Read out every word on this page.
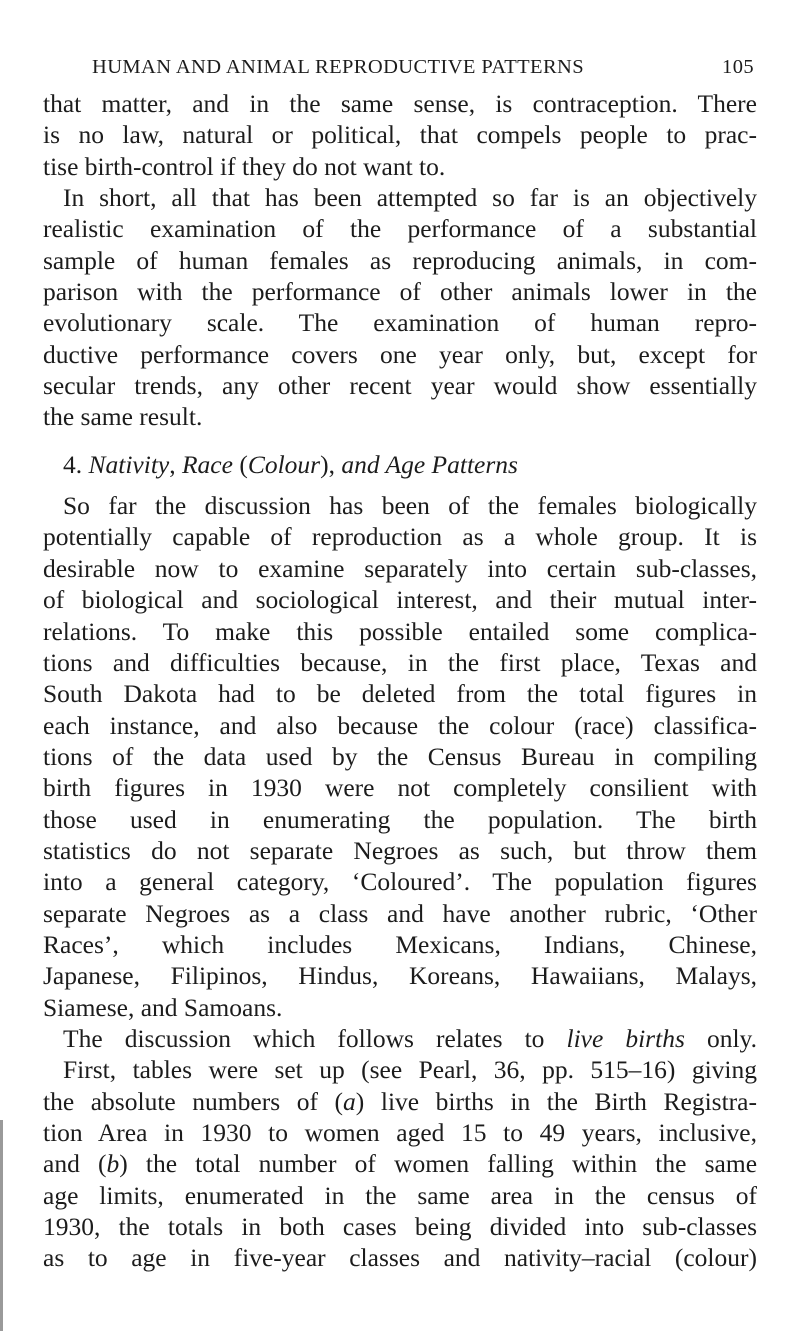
HUMAN AND ANIMAL REPRODUCTIVE PATTERNS	105
that matter, and in the same sense, is contraception. There
is no law, natural or political, that compels people to prac-
tise birth-control if they do not want to.
In short, all that has been attempted so far is an objectively
realistic examination of the performance of a substantial
sample of human females as reproducing animals, in com-
parison with the performance of other animals lower in the
evolutionary scale. The examination of human repro-
ductive performance covers one year only, but, except for
secular trends, any other recent year would show essentially
the same result.
4. Nativity, Race (Colour), and Age Patterns
So far the discussion has been of the females biologically
potentially capable of reproduction as a whole group. It is
desirable now to examine separately into certain sub-classes,
of biological and sociological interest, and their mutual inter-
relations. To make this possible entailed some complica-
tions and difficulties because, in the first place, Texas and
South Dakota had to be deleted from the total figures in
each instance, and also because the colour (race) classifica-
tions of the data used by the Census Bureau in compiling
birth figures in 1930 were not completely consilient with
those used in enumerating the population. The birth
statistics do not separate Negroes as such, but throw them
into a general category, ‘Coloured’. The population figures
separate Negroes as a class and have another rubric, ‘Other
Races’, which includes Mexicans, Indians, Chinese,
Japanese, Filipinos, Hindus, Koreans, Hawaiians, Malays,
Siamese, and Samoans.
The discussion which follows relates to live births only.
First, tables were set up (see Pearl, 36, pp. 515–16) giving
the absolute numbers of (a) live births in the Birth Registra-
tion Area in 1930 to women aged 15 to 49 years, inclusive,
and (b) the total number of women falling within the same
age limits, enumerated in the same area in the census of
1930, the totals in both cases being divided into sub-classes
as to age in five-year classes and nativity–racial (colour)
